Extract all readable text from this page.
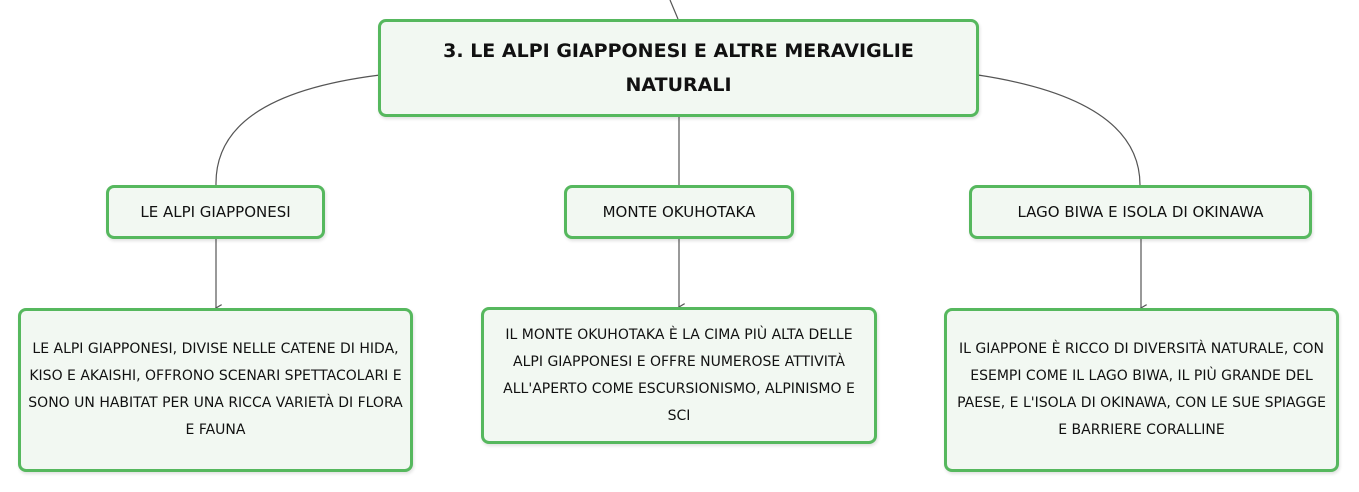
3. LE ALPI GIAPPONESI E ALTRE MERAVIGLIE NATURALI
LE ALPI GIAPPONESI	MONTE OKUHOTAKA	LAGO BIWA E ISOLA DI OKINAWA
LE ALPI GIAPPONESI, DIVISE NELLE CATENE DI HIDA, KISO E AKAISHI, OFFRONO SCENARI SPETTACOLARI E SONO UN HABITAT PER UNA RICCA VARIETÀ DI FLORA E FAUNA
IL MONTE OKUHOTAKA È LA CIMA PIÙ ALTA DELLE ALPI GIAPPONESI E OFFRE NUMEROSE ATTIVITÀ ALL'APERTO COME ESCURSIONISMO, ALPINISMO E SCI
IL GIAPPONE È RICCO DI DIVERSITÀ NATURALE, CON ESEMPI COME IL LAGO BIWA, IL PIÙ GRANDE DEL PAESE, E L'ISOLA DI OKINAWA, CON LE SUE SPIAGGE E BARRIERE CORALLINE
